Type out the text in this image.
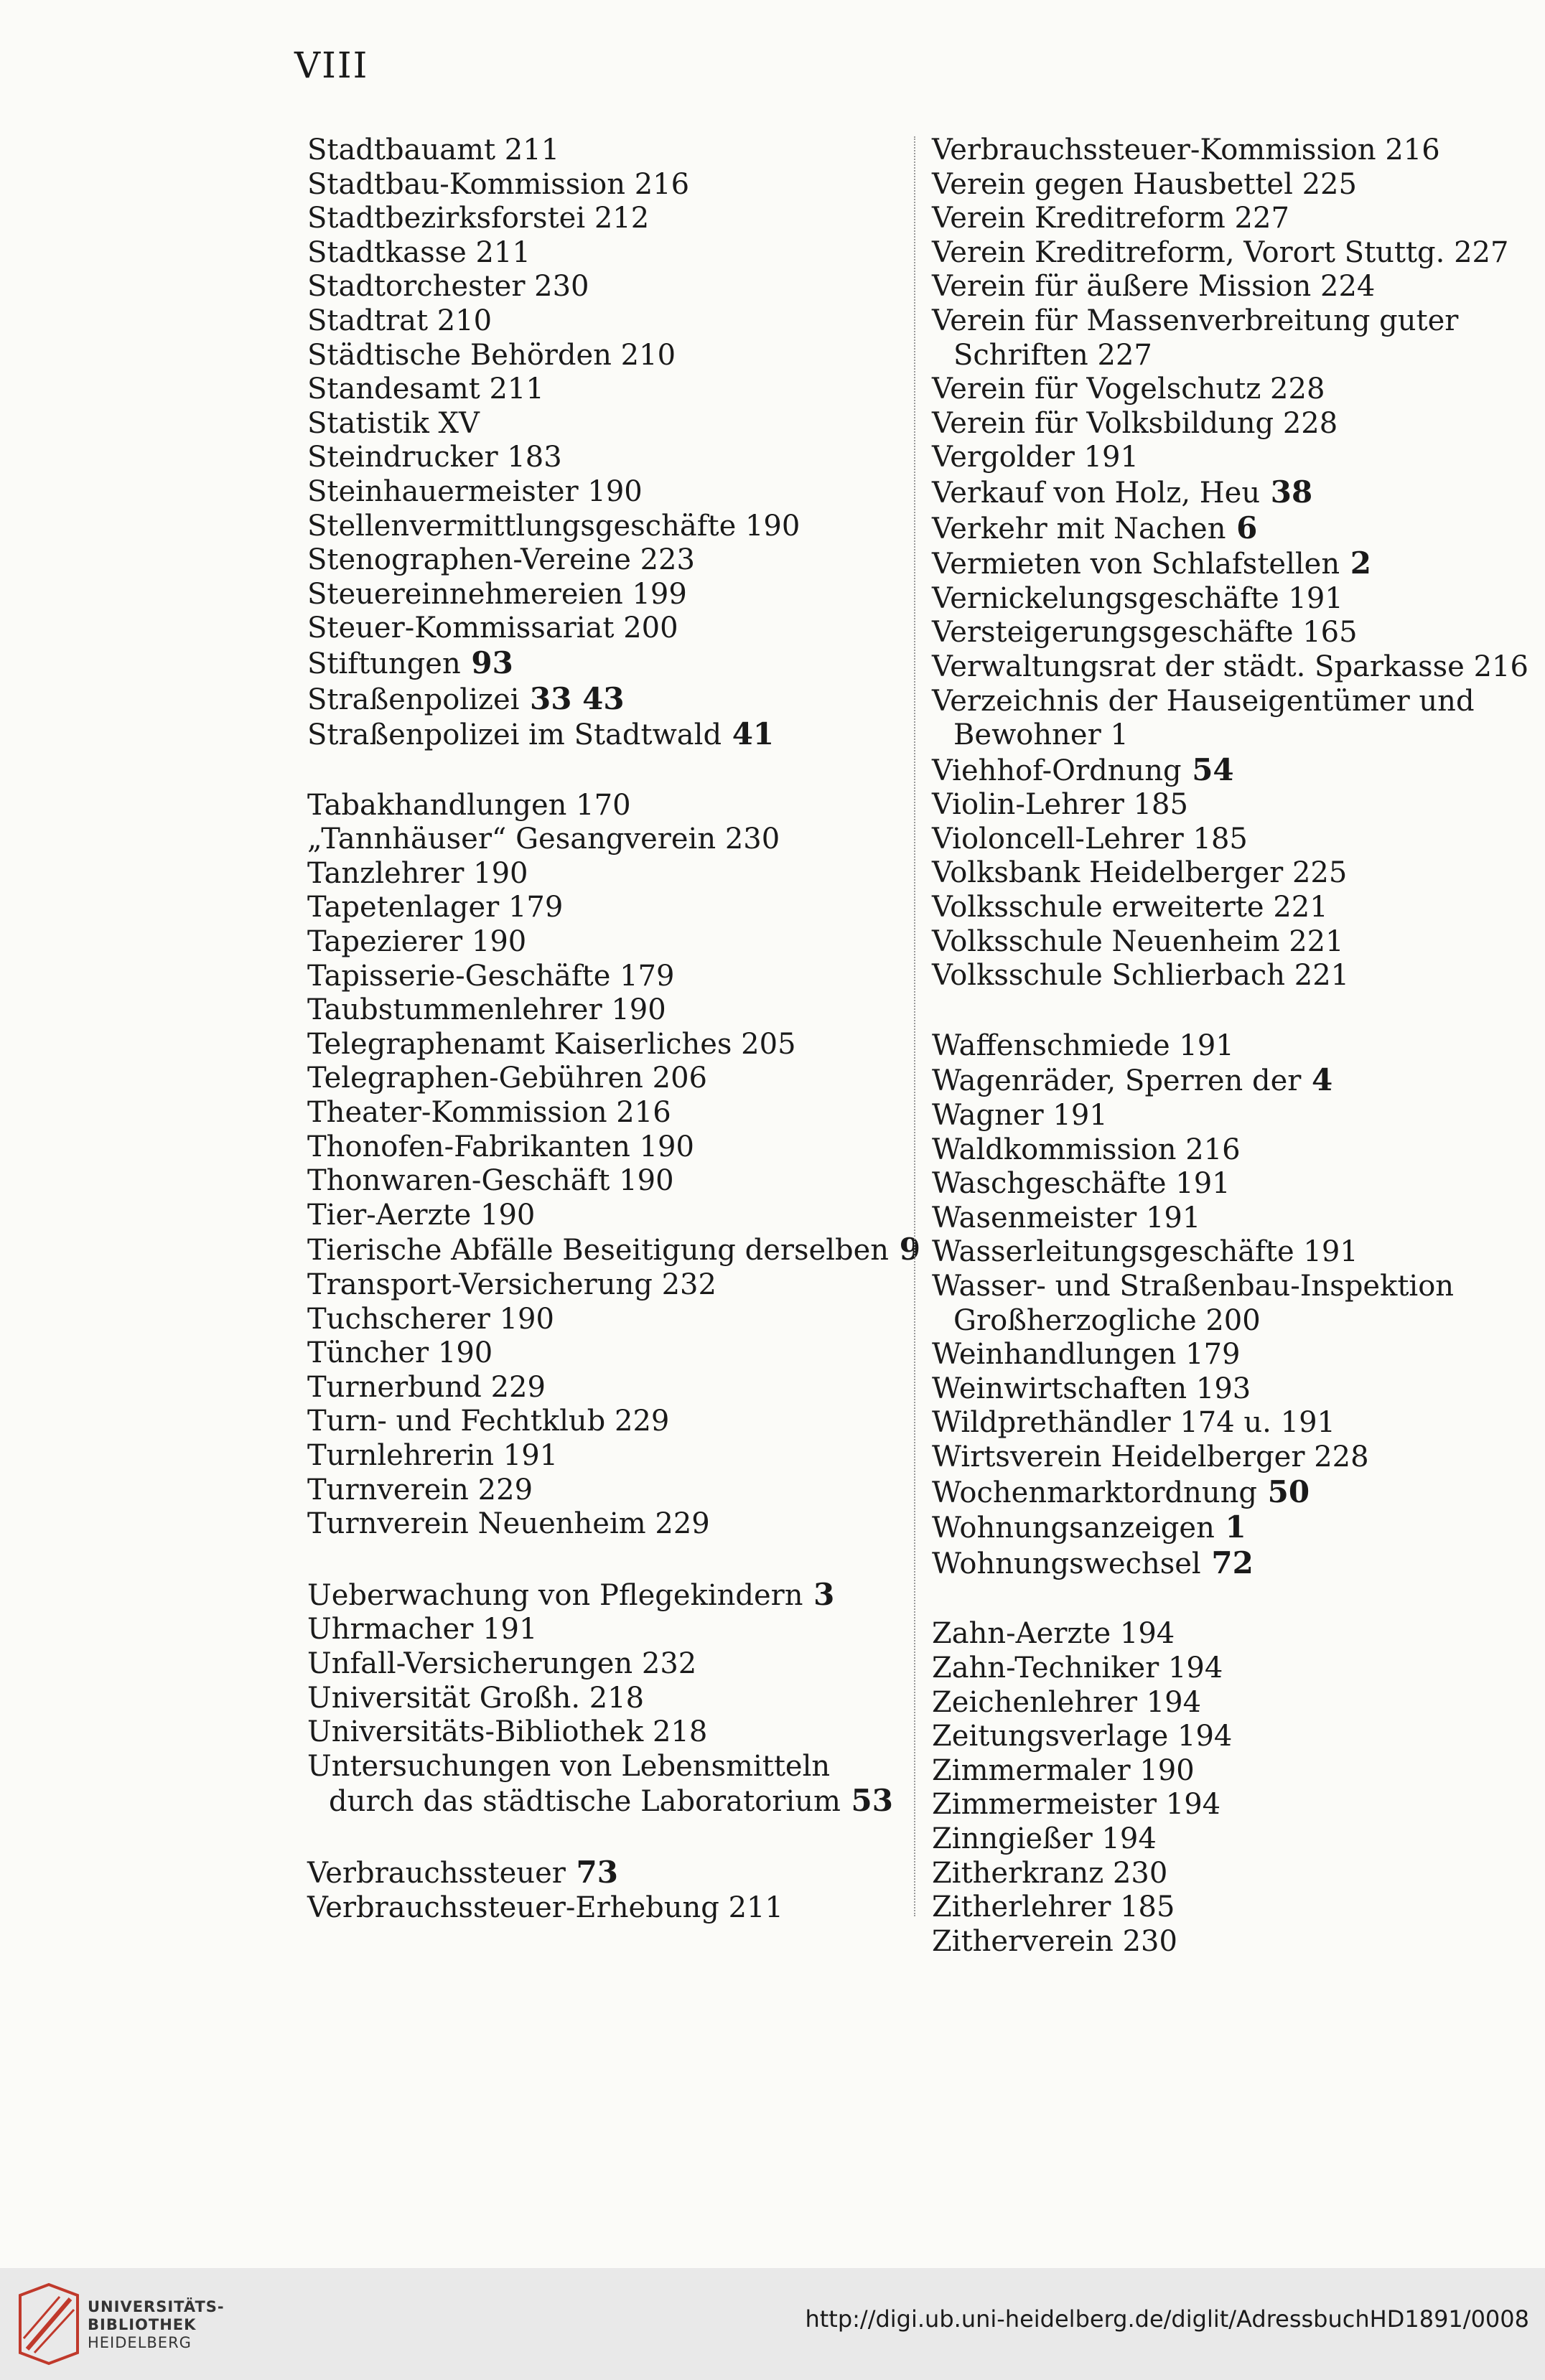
VIII
Stadtbauamt 211
Stadtbau-Kommission 216
Stadtbezirksforstei 212
Stadtkasse 211
Stadtorchester 230
Stadtrat 210
Städtische Behörden 210
Standesamt 211
Statistik XV
Steindrucker 183
Steinhauermeister 190
Stellenvermittlungsgeschäfte 190
Stenographen-Vereine 223
Steuereinnehmereien 199
Steuer-Kommissariat 200
Stiftungen 93
Straßenpolizei 33 43
Straßenpolizei im Stadtwald 41
Tabakhandlungen 170
„Tannhäuser“ Gesangverein 230
Tanzlehrer 190
Tapetenlager 179
Tapezierer 190
Tapisserie-Geschäfte 179
Taubstummenlehrer 190
Telegraphenamt Kaiserliches 205
Telegraphen-Gebühren 206
Theater-Kommission 216
Thonofen-Fabrikanten 190
Thonwaren-Geschäft 190
Tier-Aerzte 190
Tierische Abfälle Beseitigung derselben 9
Transport-Versicherung 232
Tuchscherer 190
Tüncher 190
Turnerbund 229
Turn- und Fechtklub 229
Turnlehrerin 191
Turnverein 229
Turnverein Neuenheim 229
Ueberwachung von Pflegekindern 3
Uhrmacher 191
Unfall-Versicherungen 232
Universität Großh. 218
Universitäts-Bibliothek 218
Untersuchungen von Lebensmitteln durch das städtische Laboratorium 53
Verbrauchssteuer 73
Verbrauchssteuer-Erhebung 211
Verbrauchssteuer-Kommission 216
Verein gegen Hausbettel 225
Verein Kreditreform 227
Verein Kreditreform, Vorort Stuttg. 227
Verein für äußere Mission 224
Verein für Massenverbreitung guter Schriften 227
Verein für Vogelschutz 228
Verein für Volksbildung 228
Vergolder 191
Verkauf von Holz, Heu 38
Verkehr mit Nachen 6
Vermieten von Schlafstellen 2
Vernickelungsgeschäfte 191
Versteigerungsgeschäfte 165
Verwaltungsrat der städt. Sparkasse 216
Verzeichnis der Hauseigentümer und Bewohner 1
Viehhof-Ordnung 54
Violin-Lehrer 185
Violoncell-Lehrer 185
Volksbank Heidelberger 225
Volksschule erweiterte 221
Volksschule Neuenheim 221
Volksschule Schlierbach 221
Waffenschmiede 191
Wagenräder, Sperren der 4
Wagner 191
Waldkommission 216
Waschgeschäfte 191
Wasenmeister 191
Wasserleitungsgeschäfte 191
Wasser- und Straßenbau-Inspektion Großherzogliche 200
Weinhandlungen 179
Weinwirtschaften 193
Wildprethändler 174 u. 191
Wirtsverein Heidelberger 228
Wochenmarktordnung 50
Wohnungsanzeigen 1
Wohnungswechsel 72
Zahn-Aerzte 194
Zahn-Techniker 194
Zeichenlehrer 194
Zeitungsverlage 194
Zimmermaler 190
Zimmermeister 194
Zinngießer 194
Zitherkranz 230
Zitherlehrer 185
Zitherverein 230
UNIVERSITÄTS-
BIBLIOTHEK
HEIDELBERG
http://digi.ub.uni-heidelberg.de/diglit/AdressbuchHD1891/0008
